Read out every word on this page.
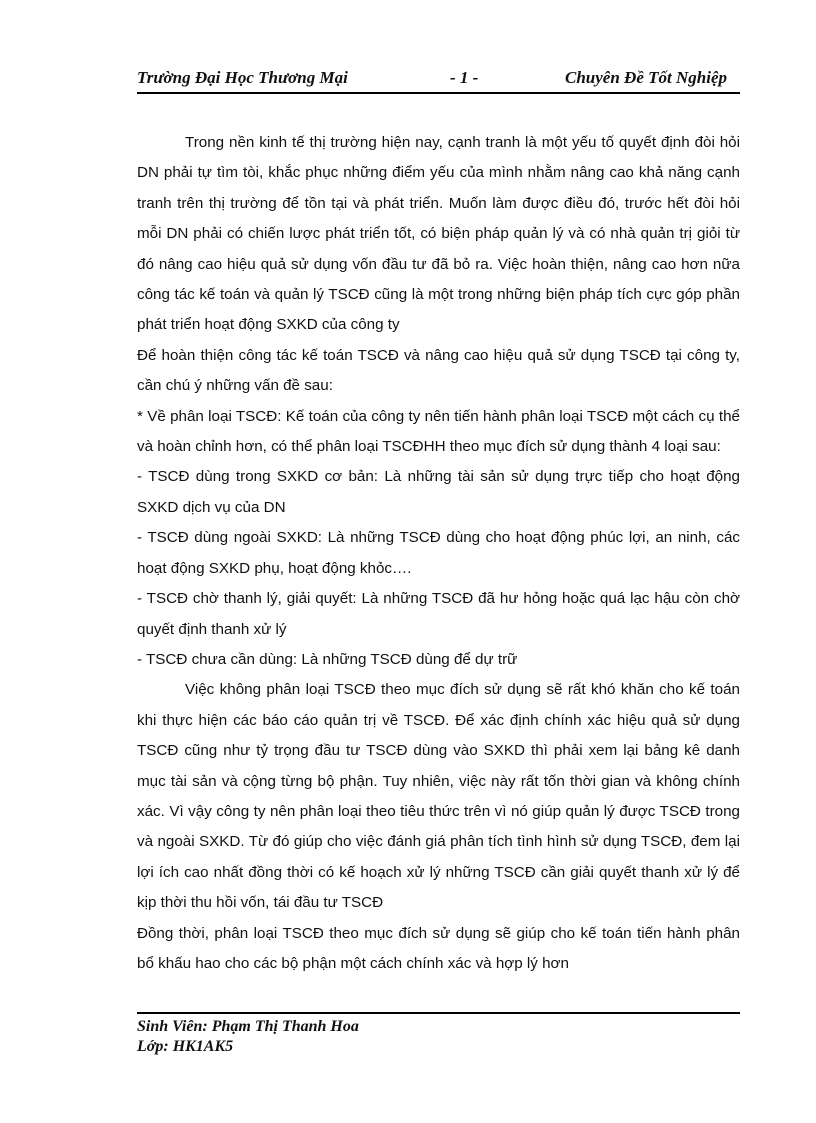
Trường Đại Học Thương Mại	- 1 -	Chuyên Đề Tốt Nghiệp

Trong nền kinh tế thị trường hiện nay, cạnh tranh là một yếu tố quyết định đòi hỏi DN phải tự tìm tòi, khắc phục những điểm yếu của mình nhằm nâng cao khả năng cạnh tranh trên thị trường để tồn tại và phát triển. Muốn làm được điều đó, trước hết đòi hỏi mỗi DN phải có chiến lược phát triển tốt, có biện pháp quản lý và có nhà quản trị giỏi từ đó nâng cao hiệu quả sử dụng vốn đầu tư đã bỏ ra. Việc hoàn thiện, nâng cao hơn nữa công tác kế toán và quản lý TSCĐ cũng là một trong những biện pháp tích cực góp phần phát triển hoạt động SXKD của công ty

Để hoàn thiện công tác kế toán TSCĐ và nâng cao hiệu quả sử dụng TSCĐ tại công ty, cần chú ý những vấn đề sau:

* Về phân loại TSCĐ: Kế toán của công ty nên tiến hành phân loại TSCĐ một cách cụ thể và hoàn chỉnh hơn, có thể phân loại TSCĐHH theo mục đích sử dụng thành 4 loại sau:

- TSCĐ dùng trong SXKD cơ bản: Là những tài sản sử dụng trực tiếp cho hoạt động SXKD dịch vụ của DN

- TSCĐ dùng ngoài SXKD: Là những TSCĐ dùng cho hoạt động phúc lợi, an ninh, các hoạt động SXKD phụ, hoạt động khỏc….

- TSCĐ chờ thanh lý, giải quyết: Là những TSCĐ đã hư hỏng hoặc quá lạc hậu còn chờ quyết định thanh xử lý

- TSCĐ chưa cần dùng: Là những TSCĐ dùng để dự trữ

Việc không phân loại TSCĐ theo mục đích sử dụng sẽ rất khó khăn cho kế toán khi thực hiện các báo cáo quản trị về TSCĐ. Để xác định chính xác hiệu quả sử dụng TSCĐ cũng như tỷ trọng đầu tư TSCĐ dùng vào SXKD thì phải xem lại bảng kê danh mục tài sản và cộng từng bộ phận. Tuy nhiên, việc này rất tốn thời gian và không chính xác. Vì vậy công ty nên phân loại theo tiêu thức trên vì nó giúp quản lý được TSCĐ trong và ngoài SXKD. Từ đó giúp cho việc đánh giá phân tích tình hình sử dụng TSCĐ, đem lại lợi ích cao nhất đồng thời có kế hoạch xử lý những TSCĐ cần giải quyết thanh xử lý để kịp thời thu hồi vốn, tái đầu tư TSCĐ

Đồng thời, phân loại TSCĐ theo mục đích sử dụng sẽ giúp cho kế toán tiến hành phân bổ khấu hao cho các bộ phận một cách chính xác và hợp lý hơn

Sinh Viên: Phạm Thị Thanh Hoa
Lớp: HK1AK5
